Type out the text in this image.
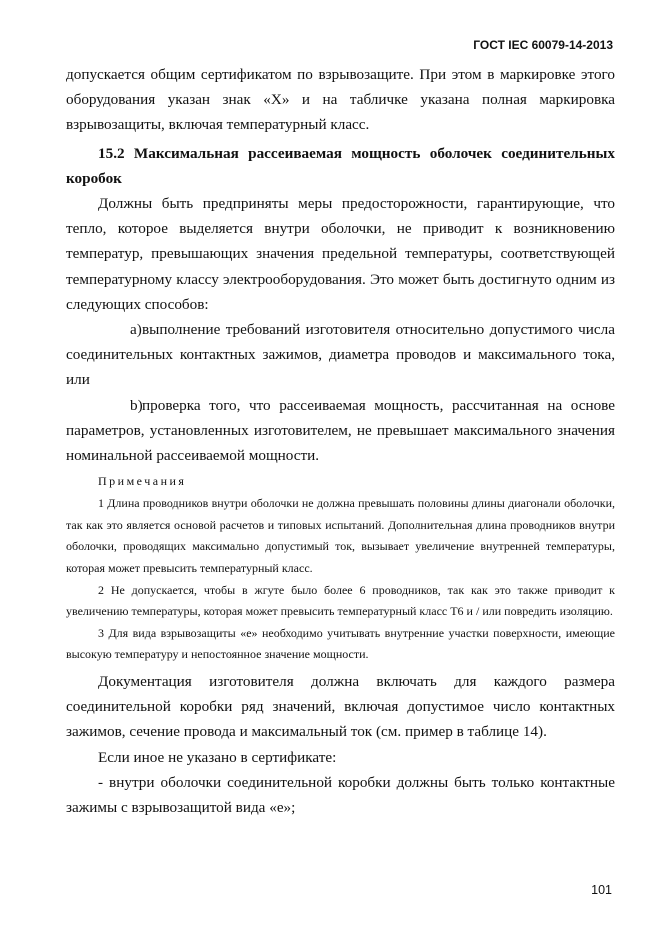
ГОСТ IEC 60079-14-2013

допускается общим сертификатом по взрывозащите. При этом в маркировке этого оборудования указан знак «Х» и на табличке указана полная маркировка взрывозащиты, включая температурный класс.

15.2 Максимальная рассеиваемая мощность оболочек соединительных коробок

Должны быть предприняты меры предосторожности, гарантирующие, что тепло, которое выделяется внутри оболочки, не приводит к возникновению температур, превышающих значения предельной температуры, соответствующей температурному классу электрооборудования. Это может быть достигнуто одним из следующих способов:

а)выполнение требований изготовителя относительно допустимого числа соединительных контактных зажимов, диаметра проводов и максимального тока, или

b)проверка того, что рассеиваемая мощность, рассчитанная на основе параметров, установленных изготовителем, не превышает максимального значения номинальной рассеиваемой мощности.

Примечания

1 Длина проводников внутри оболочки не должна превышать половины длины диагонали оболочки, так как это является основой расчетов и типовых испытаний. Дополнительная длина проводников внутри оболочки, проводящих максимально допустимый ток, вызывает увеличение внутренней температуры, которая может превысить температурный класс.

2 Не допускается, чтобы в жгуте было более 6 проводников, так как это также приводит к увеличению температуры, которая может превысить температурный класс Т6 и / или повредить изоляцию.

3 Для вида взрывозащиты «е» необходимо учитывать внутренние участки поверхности, имеющие высокую температуру и непостоянное значение мощности.

Документация изготовителя должна включать для каждого размера соединительной коробки ряд значений, включая допустимое число контактных зажимов, сечение провода и максимальный ток (см. пример в таблице 14).

Если иное не указано в сертификате:

- внутри оболочки соединительной коробки должны быть только контактные зажимы с взрывозащитой вида «е»;

101
